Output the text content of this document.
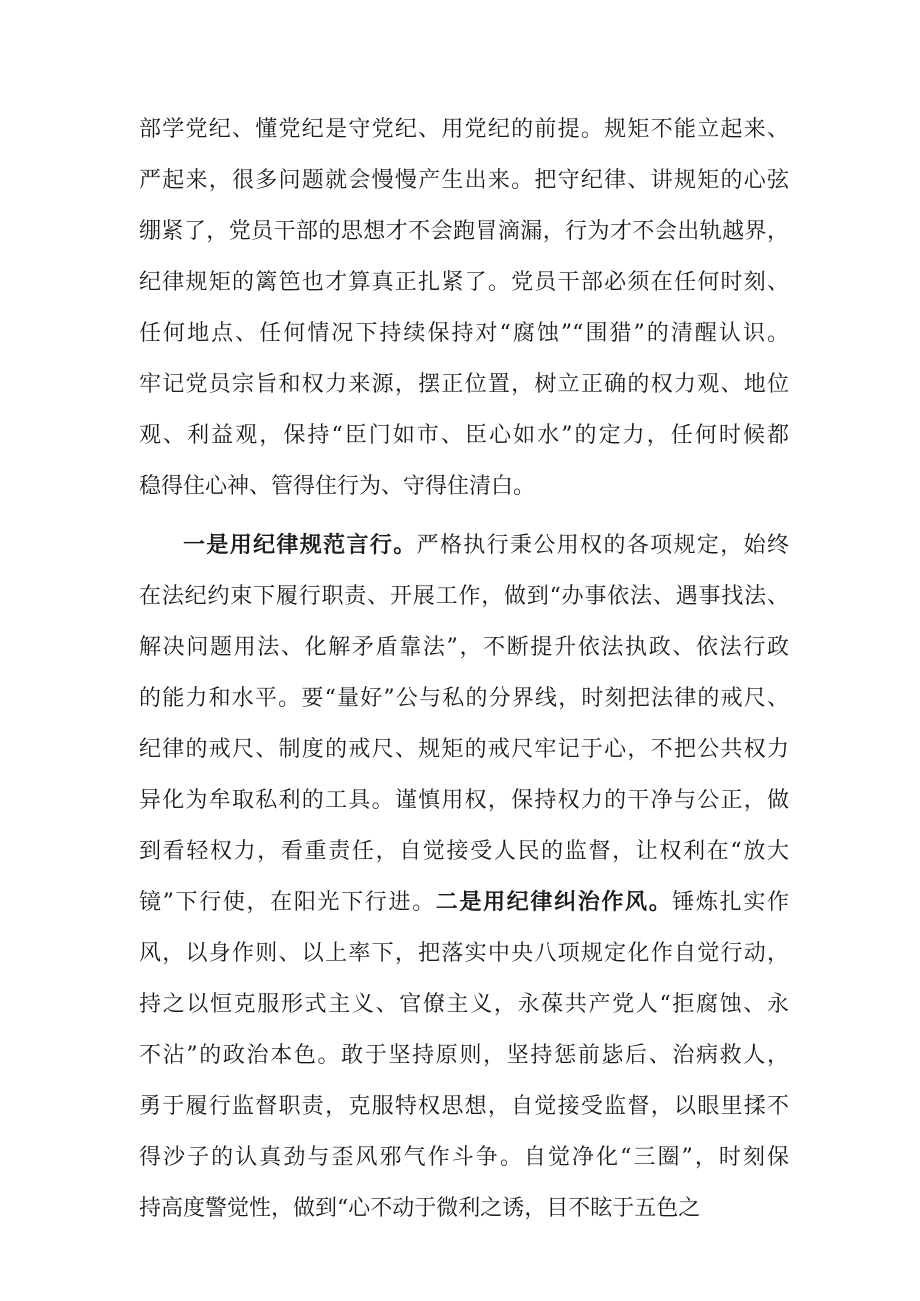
部学党纪、懂党纪是守党纪、用党纪的前提。规矩不能立起来、
严起来，很多问题就会慢慢产生出来。把守纪律、讲规矩的心弦
绷紧了，党员干部的思想才不会跑冒滴漏，行为才不会出轨越界，
纪律规矩的篱笆也才算真正扎紧了。党员干部必须在任何时刻、
任何地点、任何情况下持续保持对“腐蚀”“围猎”的清醒认识。
牢记党员宗旨和权力来源，摆正位置，树立正确的权力观、地位
观、利益观，保持“臣门如市、臣心如水”的定力，任何时候都
稳得住心神、管得住行为、守得住清白。
一是用纪律规范言行。严格执行秉公用权的各项规定，始终
在法纪约束下履行职责、开展工作，做到“办事依法、遇事找法、
解决问题用法、化解矛盾靠法”，不断提升依法执政、依法行政
的能力和水平。要“量好”公与私的分界线，时刻把法律的戒尺、
纪律的戒尺、制度的戒尺、规矩的戒尺牢记于心，不把公共权力
异化为牟取私利的工具。谨慎用权，保持权力的干净与公正，做
到看轻权力，看重责任，自觉接受人民的监督，让权利在“放大
镜”下行使，在阳光下行进。二是用纪律纠治作风。锤炼扎实作
风，以身作则、以上率下，把落实中央八项规定化作自觉行动，
持之以恒克服形式主义、官僚主义，永葆共产党人“拒腐蚀、永
不沾”的政治本色。敢于坚持原则，坚持惩前毖后、治病救人，
勇于履行监督职责，克服特权思想，自觉接受监督，以眼里揉不
得沙子的认真劲与歪风邪气作斗争。自觉净化“三圈”，时刻保
持高度警觉性，做到“心不动于微利之诱，目不眩于五色之
